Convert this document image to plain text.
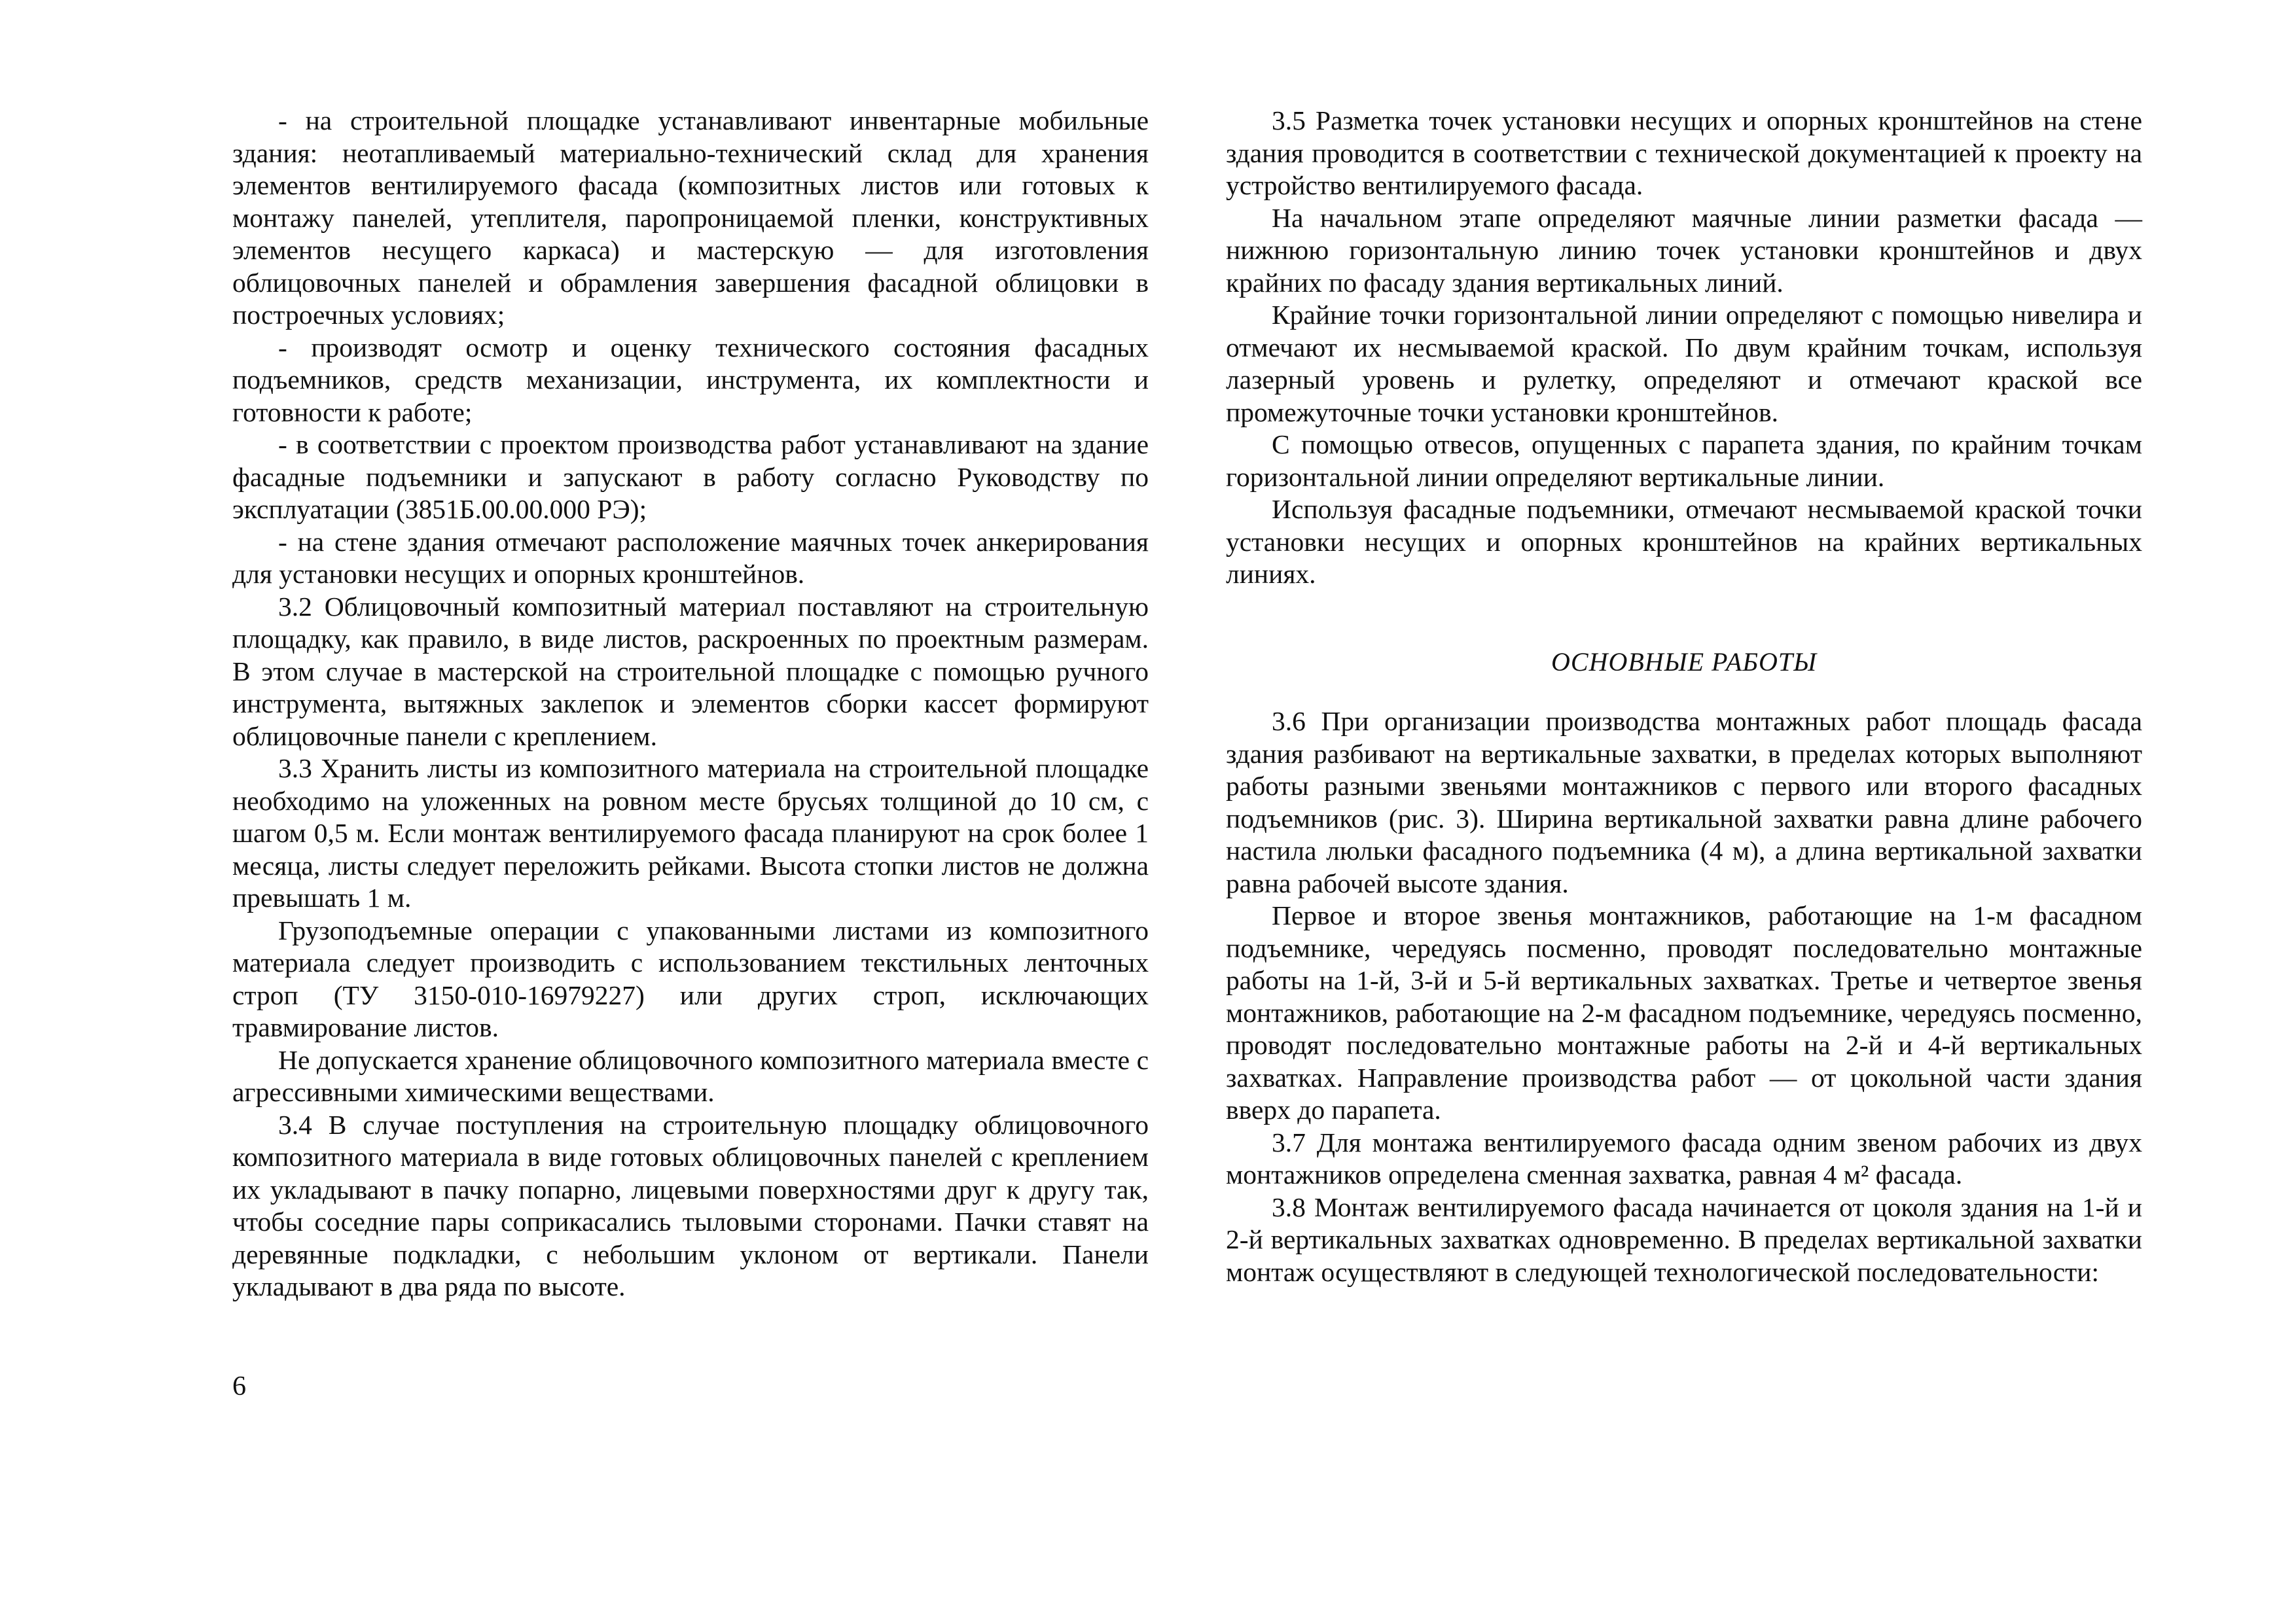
- на строительной площадке устанавливают инвентарные мобильные здания: неотапливаемый материально-технический склад для хранения элементов вентилируемого фасада (композитных листов или готовых к монтажу панелей, утеплителя, паропроницаемой пленки, конструктивных элементов несущего каркаса) и мастерскую — для изготовления облицовочных панелей и обрамления завершения фасадной облицовки в построечных условиях;

- производят осмотр и оценку технического состояния фасадных подъемников, средств механизации, инструмента, их комплектности и готовности к работе;

- в соответствии с проектом производства работ устанавливают на здание фасадные подъемники и запускают в работу согласно Руководству по эксплуатации (3851Б.00.00.000 РЭ);

- на стене здания отмечают расположение маячных точек анкерирования для установки несущих и опорных кронштейнов.

3.2 Облицовочный композитный материал поставляют на строительную площадку, как правило, в виде листов, раскроенных по проектным размерам. В этом случае в мастерской на строительной площадке с помощью ручного инструмента, вытяжных заклепок и элементов сборки кассет формируют облицовочные панели с креплением.

3.3 Хранить листы из композитного материала на строительной площадке необходимо на уложенных на ровном месте брусьях толщиной до 10 см, с шагом 0,5 м. Если монтаж вентилируемого фасада планируют на срок более 1 месяца, листы следует переложить рейками. Высота стопки листов не должна превышать 1 м.

Грузоподъемные операции с упакованными листами из композитного материала следует производить с использованием текстильных ленточных строп (ТУ 3150-010-16979227) или других строп, исключающих травмирование листов.

Не допускается хранение облицовочного композитного материала вместе с агрессивными химическими веществами.

3.4 В случае поступления на строительную площадку облицовочного композитного материала в виде готовых облицовочных панелей с креплением их укладывают в пачку попарно, лицевыми поверхностями друг к другу так, чтобы соседние пары соприкасались тыловыми сторонами. Пачки ставят на деревянные подкладки, с небольшим уклоном от вертикали. Панели укладывают в два ряда по высоте.

3.5 Разметка точек установки несущих и опорных кронштейнов на стене здания проводится в соответствии с технической документацией к проекту на устройство вентилируемого фасада.

На начальном этапе определяют маячные линии разметки фасада — нижнюю горизонтальную линию точек установки кронштейнов и двух крайних по фасаду здания вертикальных линий.

Крайние точки горизонтальной линии определяют с помощью нивелира и отмечают их несмываемой краской. По двум крайним точкам, используя лазерный уровень и рулетку, определяют и отмечают краской все промежуточные точки установки кронштейнов.

С помощью отвесов, опущенных с парапета здания, по крайним точкам горизонтальной линии определяют вертикальные линии.

Используя фасадные подъемники, отмечают несмываемой краской точки установки несущих и опорных кронштейнов на крайних вертикальных линиях.

ОСНОВНЫЕ РАБОТЫ

3.6 При организации производства монтажных работ площадь фасада здания разбивают на вертикальные захватки, в пределах которых выполняют работы разными звеньями монтажников с первого или второго фасадных подъемников (рис. 3). Ширина вертикальной захватки равна длине рабочего настила люльки фасадного подъемника (4 м), а длина вертикальной захватки равна рабочей высоте здания.

Первое и второе звенья монтажников, работающие на 1-м фасадном подъемнике, чередуясь посменно, проводят последовательно монтажные работы на 1-й, 3-й и 5-й вертикальных захватках. Третье и четвертое звенья монтажников, работающие на 2-м фасадном подъемнике, чередуясь посменно, проводят последовательно монтажные работы на 2-й и 4-й вертикальных захватках. Направление производства работ — от цокольной части здания вверх до парапета.

3.7 Для монтажа вентилируемого фасада одним звеном рабочих из двух монтажников определена сменная захватка, равная 4 м² фасада.

3.8 Монтаж вентилируемого фасада начинается от цоколя здания на 1-й и 2-й вертикальных захватках одновременно. В пределах вертикальной захватки монтаж осуществляют в следующей технологической последовательности:

6
